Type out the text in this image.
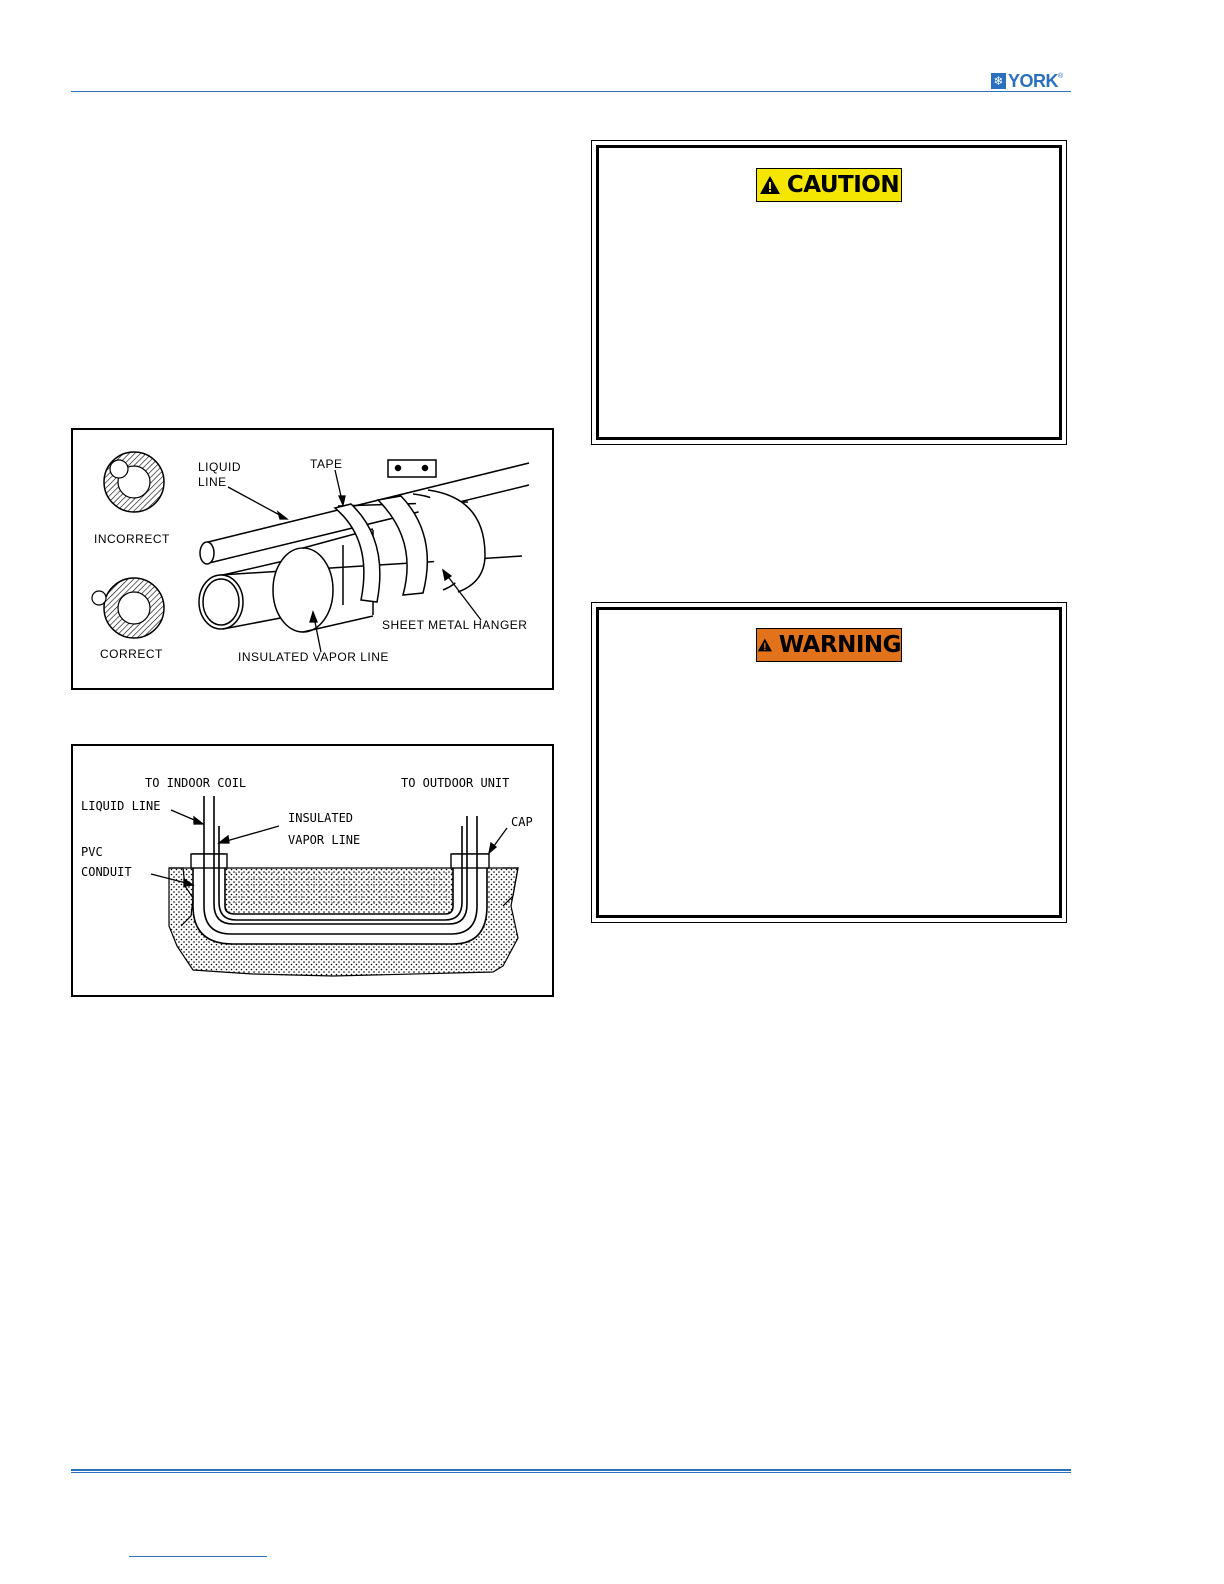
❄ YORK ®
LIQUID
LINE
TAPE
INCORRECT
CORRECT
SHEET METAL HANGER
INSULATED VAPOR LINE
TO INDOOR COIL	TO OUTDOOR UNIT
LIQUID LINE
INSULATED
VAPOR LINE
CAP
PVC
CONDUIT
CAUTION
WARNING
